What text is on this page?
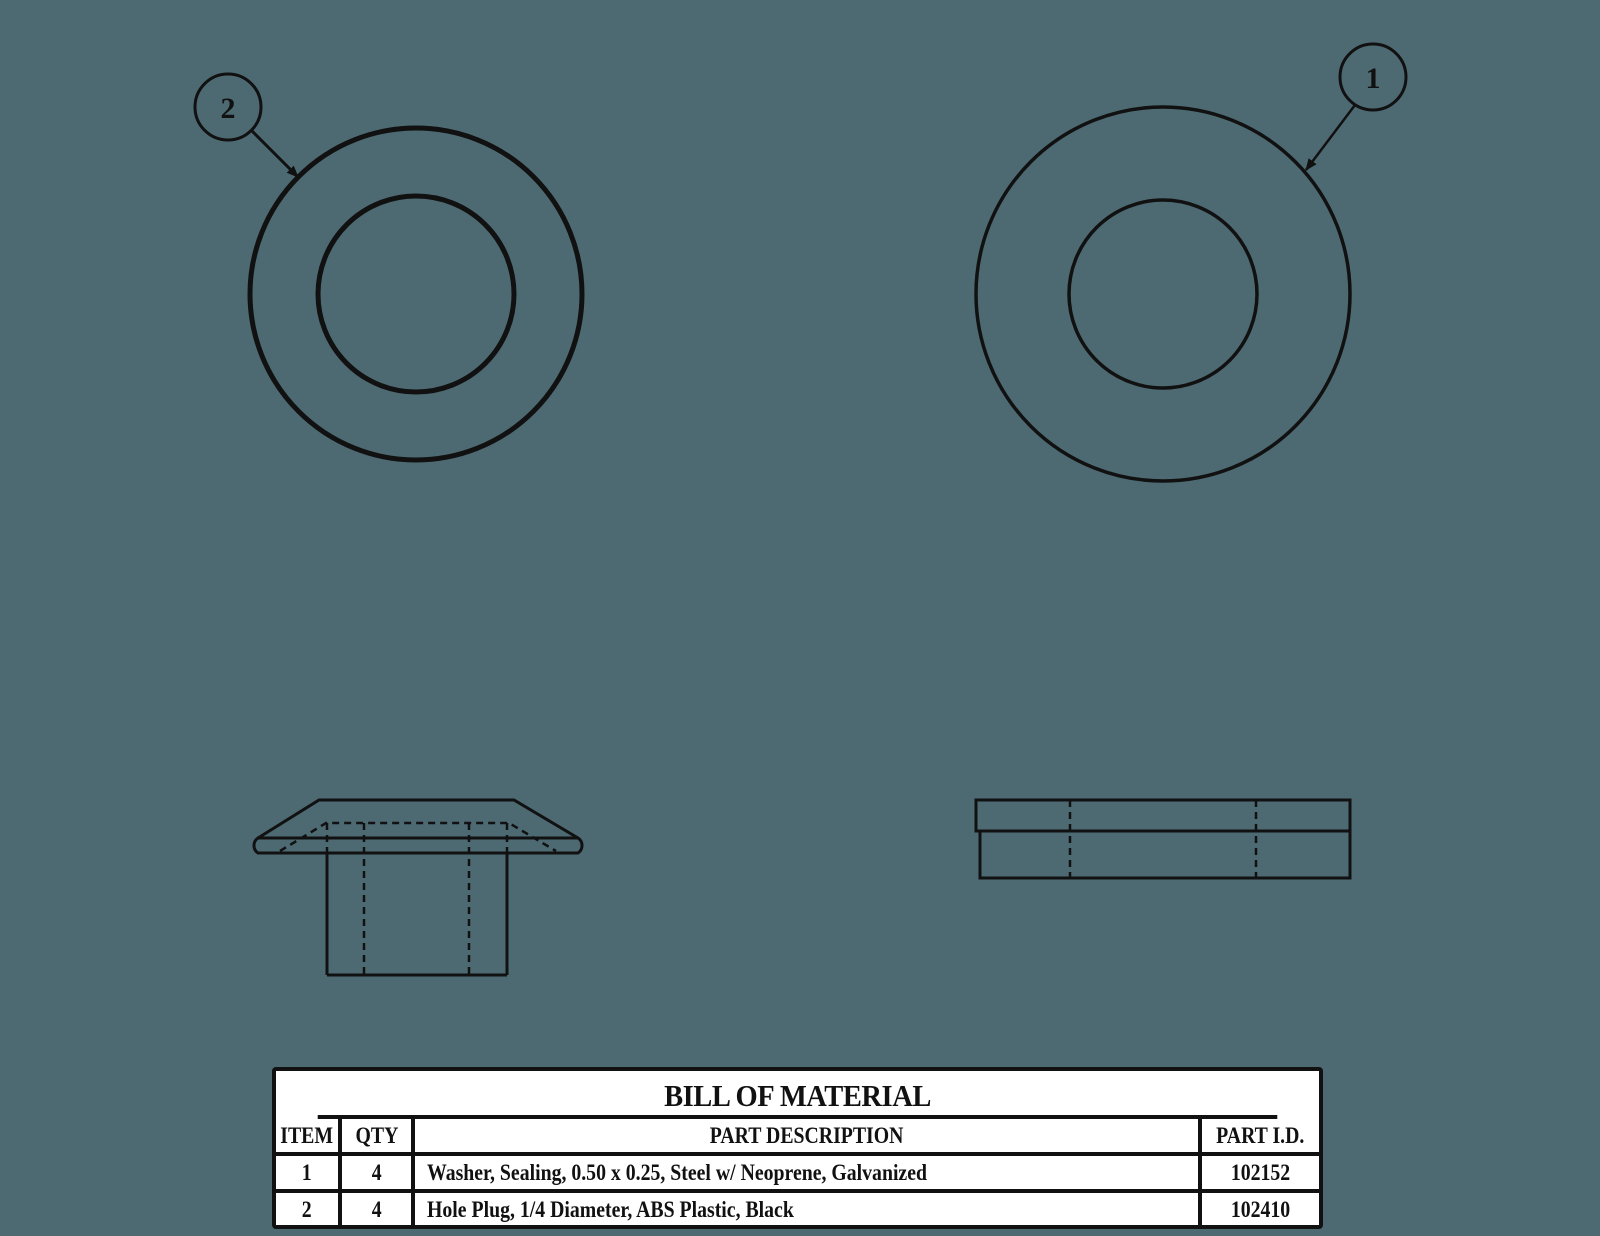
2
1
BILL OF MATERIAL
ITEM QTY	PART DESCRIPTION	PART I.D.
1	4	Washer, Sealing, 0.50 x 0.25, Steel w/ Neoprene, Galvanized	102152
2	4	Hole Plug, 1/4 Diameter, ABS Plastic, Black	102410
